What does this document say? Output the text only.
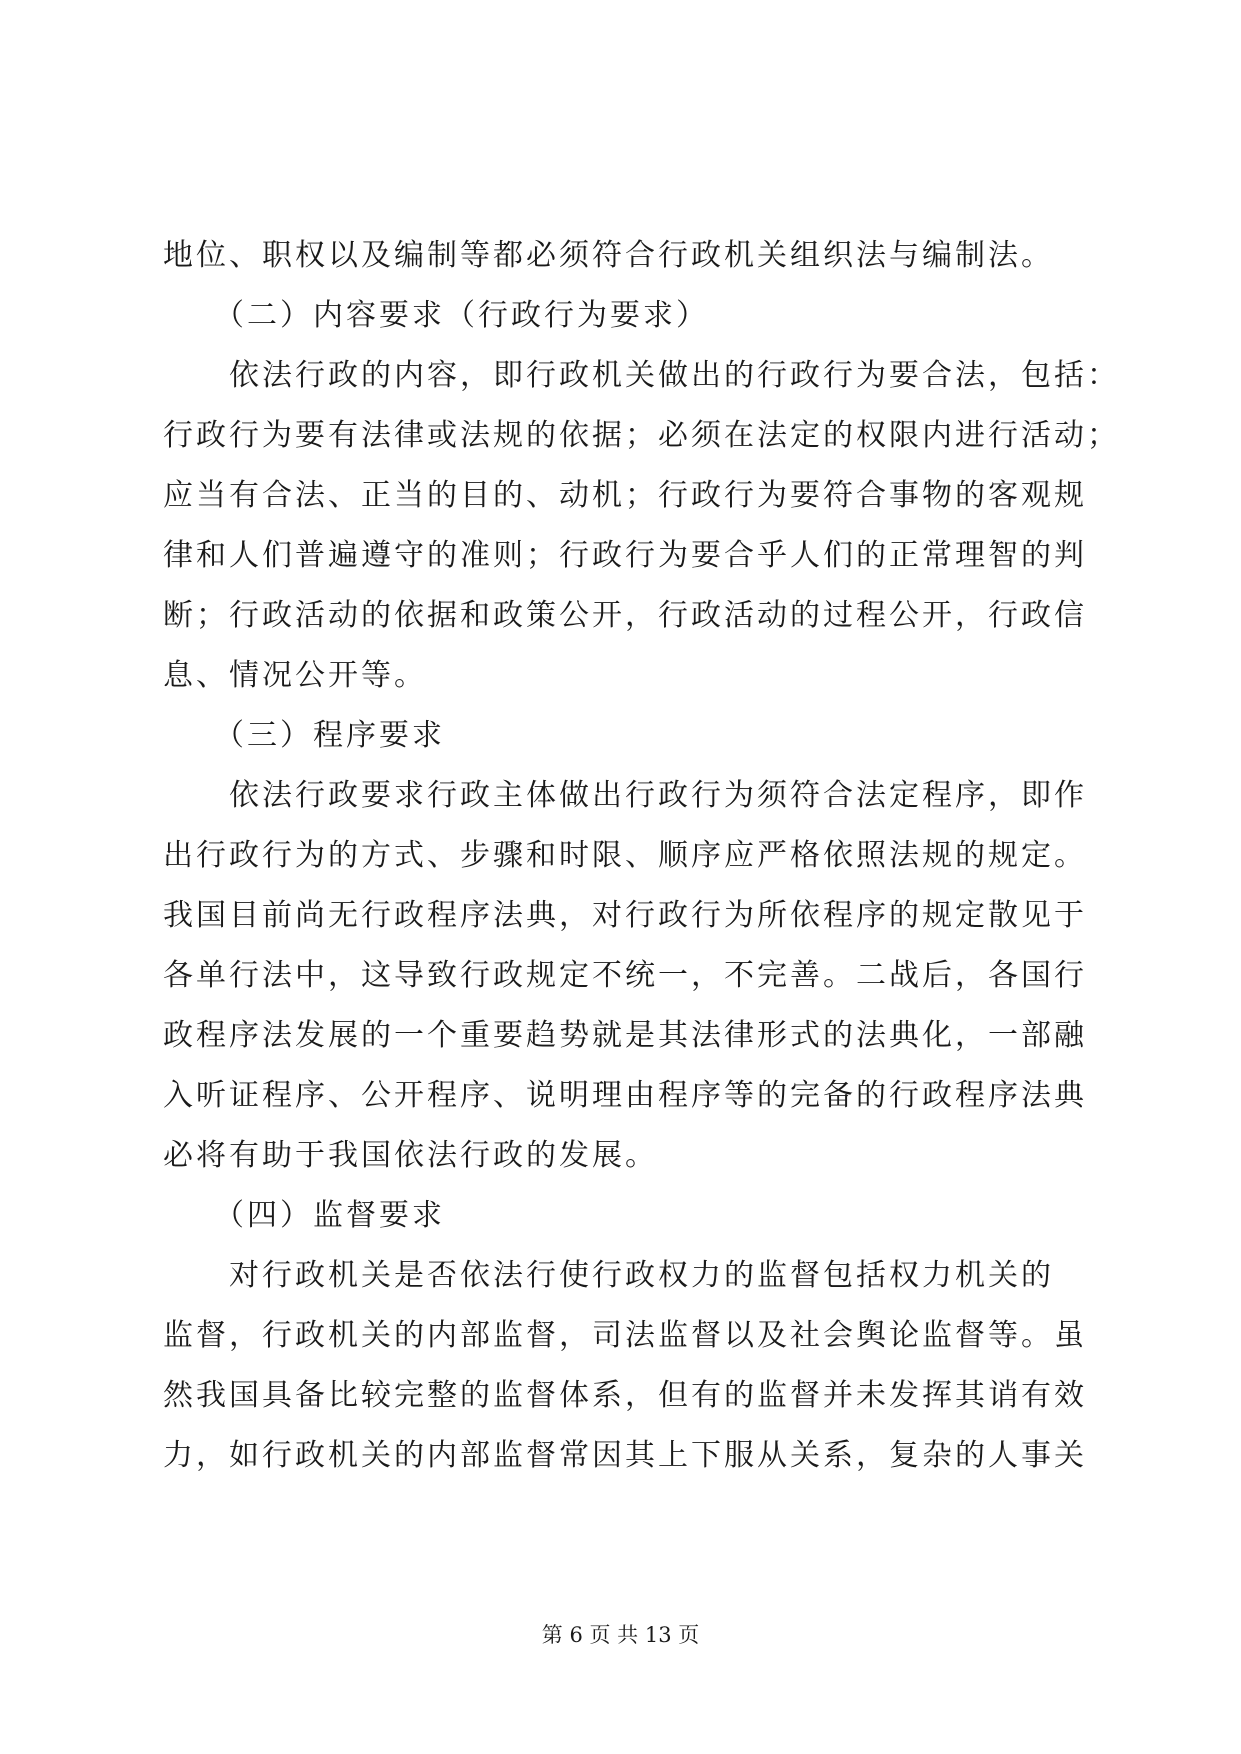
地位、职权以及编制等都必须符合行政机关组织法与编制法。

　　（二）内容要求（行政行为要求）

　　依法行政的内容，即行政机关做出的行政行为要合法，包括：

行政行为要有法律或法规的依据；必须在法定的权限内进行活动；

应当有合法、正当的目的、动机；行政行为要符合事物的客观规

律和人们普遍遵守的准则；行政行为要合乎人们的正常理智的判

断；行政活动的依据和政策公开，行政活动的过程公开，行政信

息、情况公开等。

　　（三）程序要求

　　依法行政要求行政主体做出行政行为须符合法定程序，即作

出行政行为的方式、步骤和时限、顺序应严格依照法规的规定。

我国目前尚无行政程序法典，对行政行为所依程序的规定散见于

各单行法中，这导致行政规定不统一，不完善。二战后，各国行

政程序法发展的一个重要趋势就是其法律形式的法典化，一部融

入听证程序、公开程序、说明理由程序等的完备的行政程序法典

必将有助于我国依法行政的发展。

　　（四）监督要求

　　对行政机关是否依法行使行政权力的监督包括权力机关的

监督，行政机关的内部监督，司法监督以及社会舆论监督等。虽

然我国具备比较完整的监督体系，但有的监督并未发挥其诮有效

力，如行政机关的内部监督常因其上下服从关系，复杂的人事关

第 6 页 共 13 页
